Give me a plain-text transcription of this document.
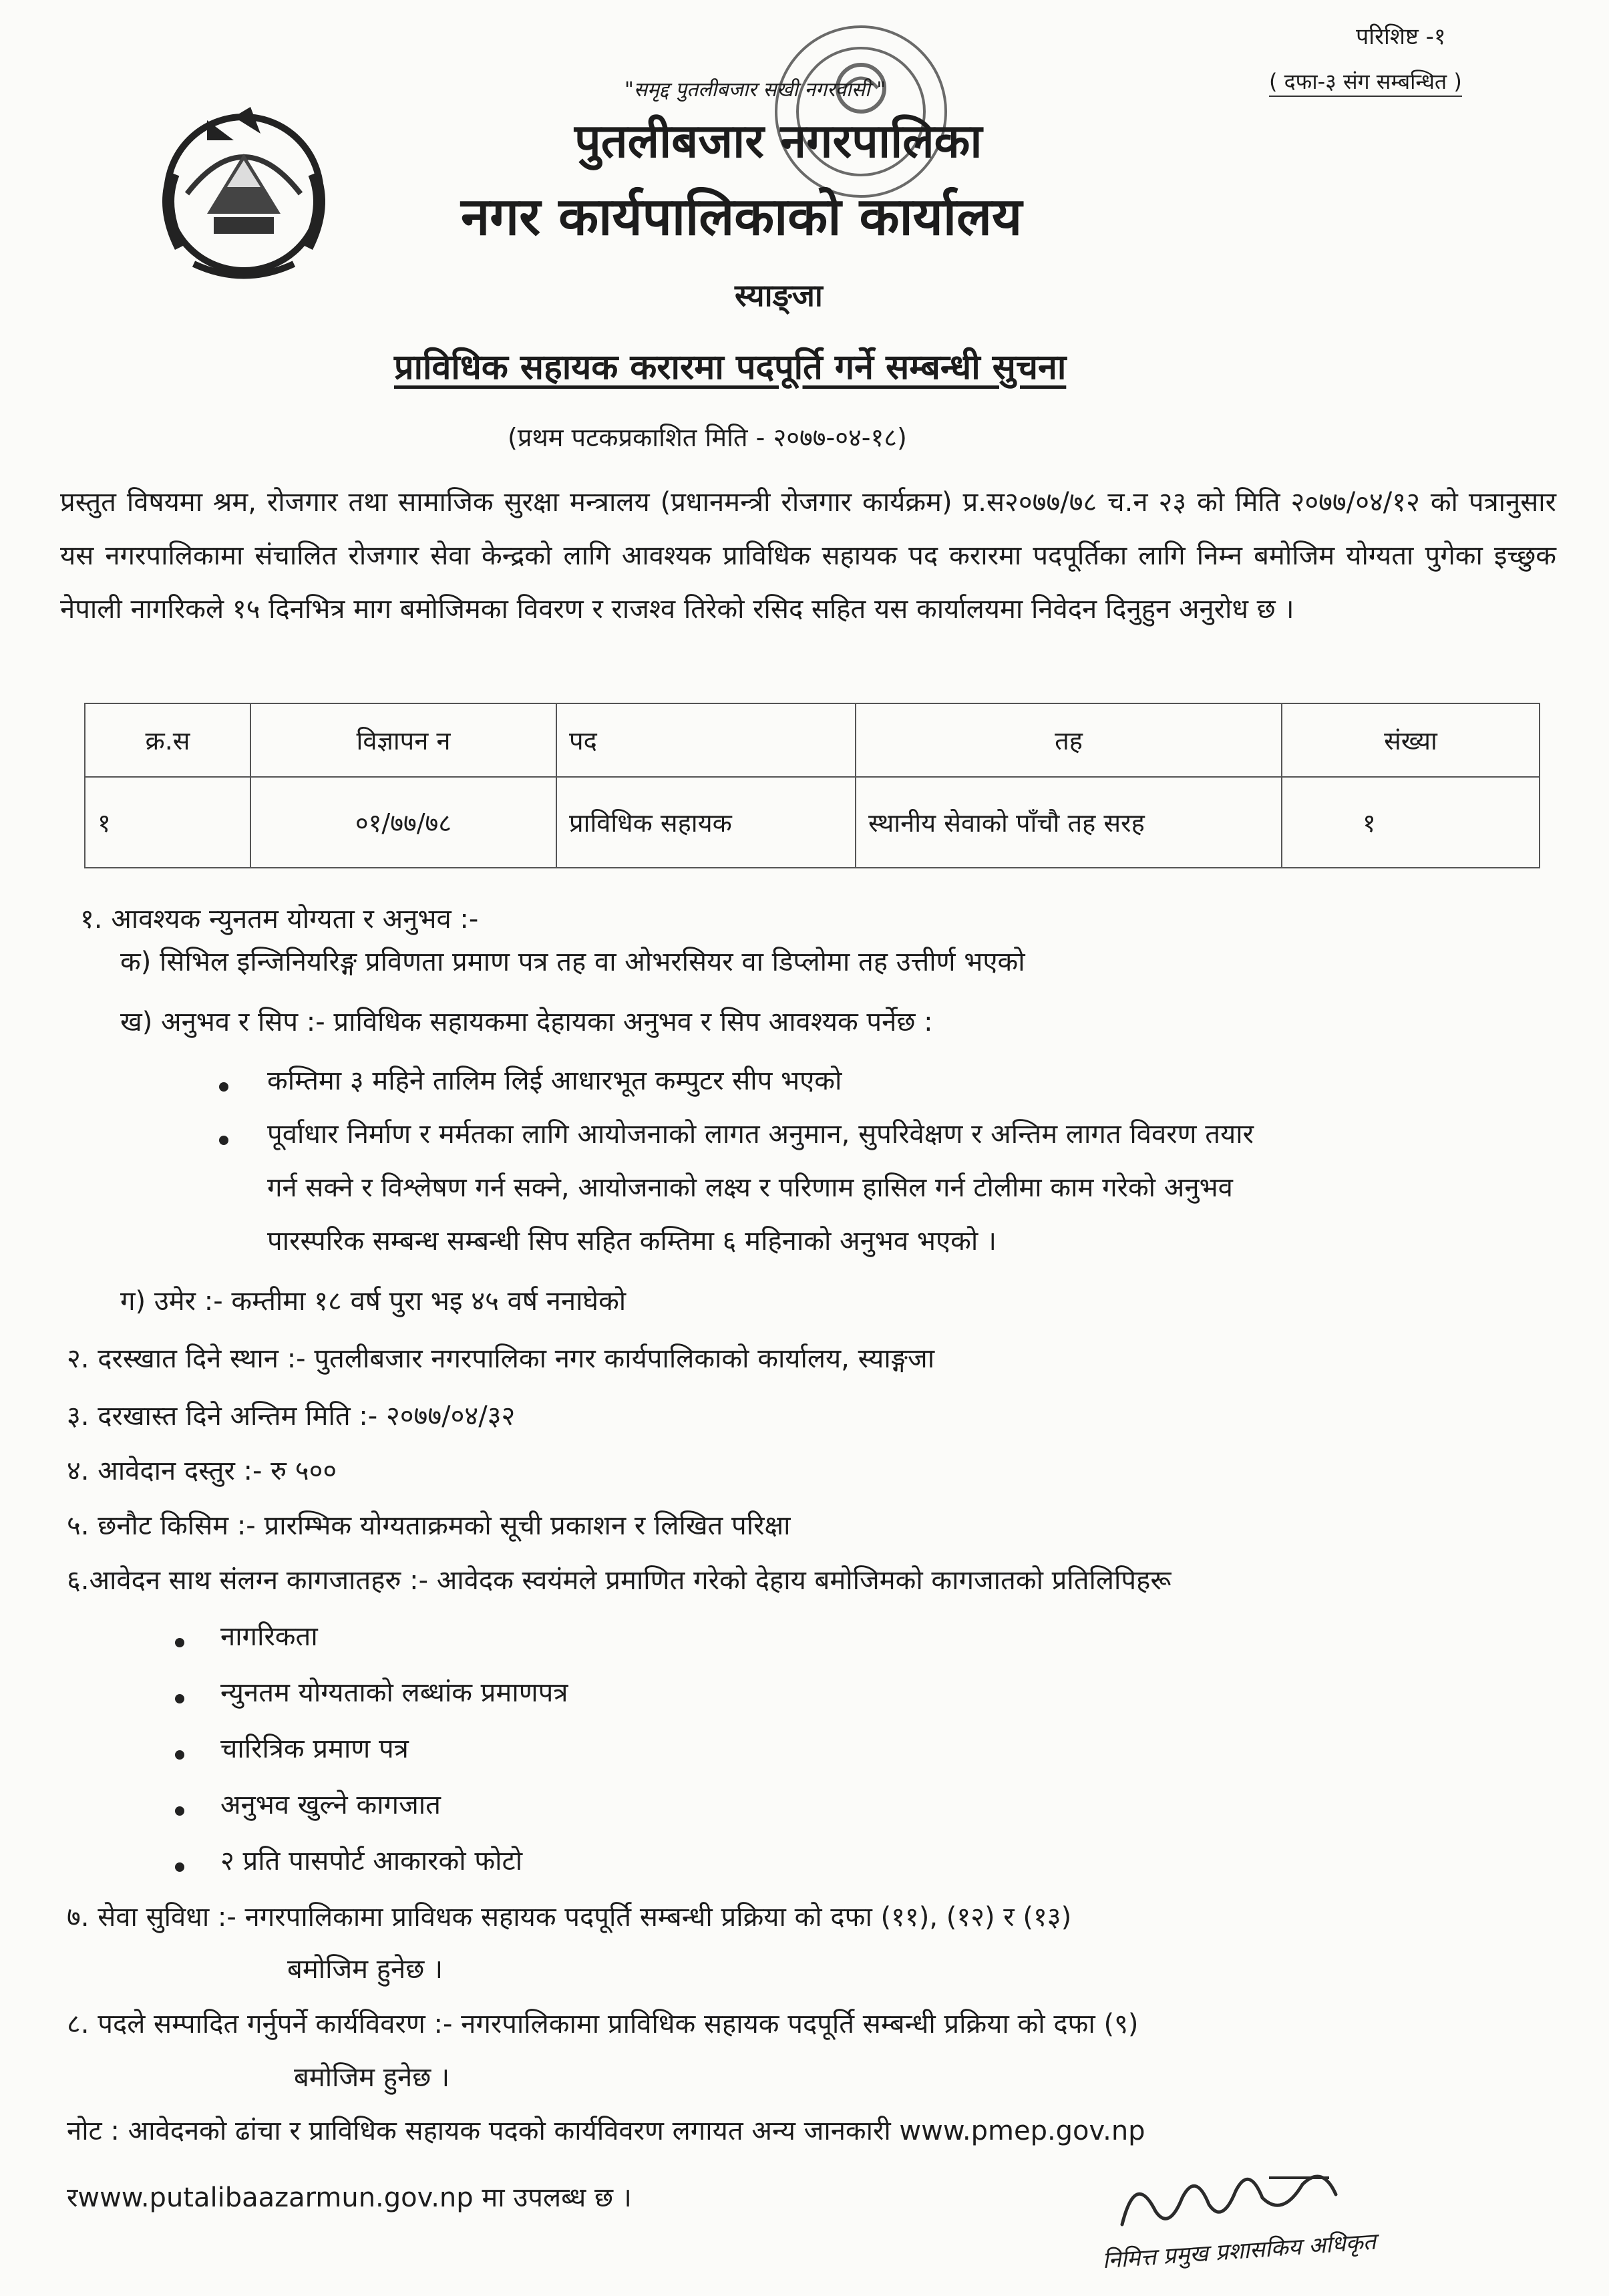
परिशिष्ट -१
( दफा-३ संग सम्बन्धित )
"समृद्द पुतलीबजार सखी नगरवासी "
पुतलीबजार नगरपालिका
नगर कार्यपालिकाको कार्यालय
स्याङ्जा
प्राविधिक सहायक करारमा पदपूर्ति गर्ने सम्बन्धी सुचना
(प्रथम पटकप्रकाशित मिति - २०७७-०४-१८)
प्रस्तुत विषयमा श्रम, रोजगार तथा सामाजिक सुरक्षा मन्त्रालय (प्रधानमन्त्री रोजगार कार्यक्रम) प्र.स२०७७/७८ च.न २३ को मिति २०७७/०४/१२ को पत्रानुसार यस नगरपालिकामा संचालित रोजगार सेवा केन्द्रको लागि आवश्यक प्राविधिक सहायक पद करारमा पदपूर्तिका लागि निम्न बमोजिम योग्यता पुगेका इच्छुक नेपाली नागरिकले १५ दिनभित्र माग बमोजिमका विवरण र राजश्व तिरेको रसिद सहित यस कार्यालयमा निवेदन दिनुहुन अनुरोध छ ।
क्र.स	विज्ञापन न	पद	तह	संख्या
१	०१/७७/७८	प्राविधिक सहायक	स्थानीय सेवाको पाँचौ तह सरह	१
१. आवश्यक न्युनतम योग्यता र अनुभव :-
क) सिभिल इन्जिनियरिङ्ग प्रविणता प्रमाण पत्र तह वा ओभरसियर वा डिप्लोमा तह उत्तीर्ण भएको
ख) अनुभव र सिप :- प्राविधिक सहायकमा देहायका अनुभव र सिप आवश्यक पर्नेछ :
कम्तिमा ३ महिने तालिम लिई आधारभूत कम्पुटर सीप भएको
पूर्वाधार निर्माण र मर्मतका लागि आयोजनाको लागत अनुमान, सुपरिवेक्षण र अन्तिम लागत विवरण तयार
गर्न सक्ने र विश्लेषण गर्न सक्ने, आयोजनाको लक्ष्य र परिणाम हासिल गर्न टोलीमा काम गरेको अनुभव
पारस्परिक सम्बन्ध सम्बन्धी सिप सहित कम्तिमा ६ महिनाको अनुभव भएको ।
ग) उमेर :- कम्तीमा १८ वर्ष पुरा भइ ४५ वर्ष ननाघेको
२. दरस्खात दिने स्थान :- पुतलीबजार नगरपालिका नगर कार्यपालिकाको कार्यालय, स्याङ्गजा
३. दरखास्त दिने अन्तिम मिति :- २०७७/०४/३२
४. आवेदान दस्तुर :- रु ५००
५. छनौट किसिम :- प्रारम्भिक योग्यताक्रमको सूची प्रकाशन र लिखित परिक्षा
६.आवेदन साथ संलग्न कागजातहरु :- आवेदक स्वयंमले प्रमाणित गरेको देहाय बमोजिमको कागजातको प्रतिलिपिहरू
नागरिकता
न्युनतम योग्यताको लब्धांक प्रमाणपत्र
चारित्रिक प्रमाण पत्र
अनुभव खुल्ने कागजात
२ प्रति पासपोर्ट आकारको फोटो
७. सेवा सुविधा :- नगरपालिकामा प्राविधक सहायक पदपूर्ति सम्बन्धी प्रक्रिया को दफा (११), (१२) र (१३)
बमोजिम हुनेछ ।
८. पदले सम्पादित गर्नुपर्ने कार्यविवरण :- नगरपालिकामा प्राविधिक सहायक पदपूर्ति सम्बन्धी प्रक्रिया को दफा (९)
बमोजिम हुनेछ ।
नोट : आवेदनको ढांचा र प्राविधिक सहायक पदको कार्यविवरण लगायत अन्य जानकारी www.pmep.gov.np
रwww.putalibaazarmun.gov.np मा उपलब्ध छ ।
निमित्त प्रमुख प्रशासकिय अधिकृत
